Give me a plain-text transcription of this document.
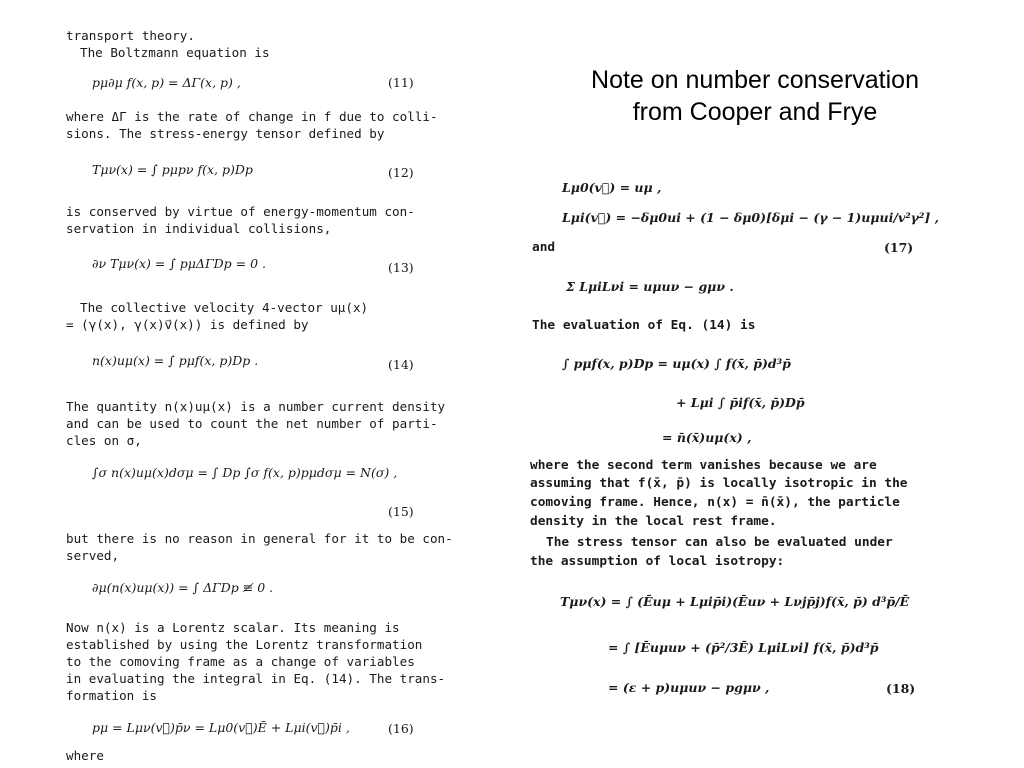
transport theory.
The Boltzmann equation is
pμ∂μ f(x, p) = ΔΓ(x, p) ,	(11)
where ΔΓ is the rate of change in f due to colli-
sions. The stress-energy tensor defined by
Tμν(x) = ∫ pμpν f(x, p)Dp	(12)
is conserved by virtue of energy-momentum con-
servation in individual collisions,
∂ν Tμν(x) = ∫ pμΔΓDp = 0 .	(13)
The collective velocity 4-vector uμ(x)
= (γ(x), γ(x)v⃗(x)) is defined by
n(x)uμ(x) = ∫ pμf(x, p)Dp .	(14)
The quantity n(x)uμ(x) is a number current density
and can be used to count the net number of parti-
cles on σ,
∫σ n(x)uμ(x)dσμ = ∫ Dp ∫σ f(x, p)pμdσμ = N(σ) ,
(15)
but there is no reason in general for it to be con-
served,
∂μ(n(x)uμ(x)) = ∫ ΔΓDp ≢ 0 .
Now n(x) is a Lorentz scalar. Its meaning is
established by using the Lorentz transformation
to the comoving frame as a change of variables
in evaluating the integral in Eq. (14). The trans-
formation is
pμ = Lμν(v⃗)p̄ν = Lμ0(v⃗)Ē + Lμi(v⃗)p̄i ,	(16)
where
Note on number conservation
from Cooper and Frye
Lμ0(v⃗) = uμ ,
Lμi(v⃗) = −δμ0ui + (1 − δμ0)[δμi − (γ − 1)uμui/v²γ²] ,
and	(17)
Σ LμiLνi = uμuν − gμν .
The evaluation of Eq. (14) is
∫ pμf(x, p)Dp = uμ(x) ∫ f(x̄, p̄)d³p̄
+ Lμi ∫ p̄if(x̄, p̄)Dp̄
= n̄(x̄)uμ(x) ,
where the second term vanishes because we are
assuming that f(x̄, p̄) is locally isotropic in the
comoving frame. Hence, n(x) = n̄(x̄), the particle
density in the local rest frame.
The stress tensor can also be evaluated under
the assumption of local isotropy:
Tμν(x) = ∫ (Ēuμ + Lμip̄i)(Ēuν + Lνjp̄j)f(x̄, p̄) d³p̄/Ē
= ∫ [Ēuμuν + (p̄²/3Ē) LμiLνi] f(x̄, p̄)d³p̄
= (ε + p)uμuν − pgμν ,	(18)
